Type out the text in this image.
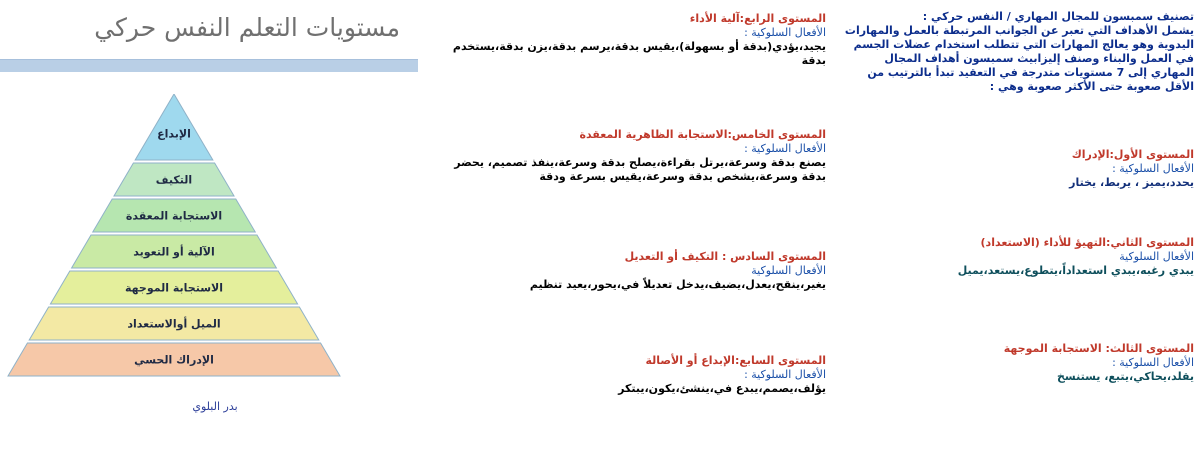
مستويات التعلم النفس حركي
الإبداع
التكيف
الاستجابة المعقدة
الآلية أو التعويد
الاستجابة الموجهة
الميل أوالاستعداد
الإدراك الحسي
بدر البلوي
تصنيف سمبسون للمجال المهاري / النفس حركي :
يشمل الأهداف التي تعبر عن الجوانب المرتبطة بالعمل والمهارات اليدوية وهو يعالج المهارات التي تتطلب استخدام عضلات الجسم في العمل والبناء وصنف إليزابيث سمبسون أهداف المجال المهاري إلى 7 مستويات متدرجة في التعقيد تبدأ بالترتيب من الأقل صعوبة حتى الأكثر صعوبة وهي :
المستوى الأول:الإدراك
الأفعال السلوكية :
يحدد،يميز ، يربط، يختار
المستوى الثاني:التهيؤ للأداء (الاستعداد)
الأفعال السلوكية
يبدي رغبه،يبدي استعداداً،يتطوع،يستعد،يميل
المستوى الثالث: الاستجابة الموجهة
الأفعال السلوكية :
يقلد،يحاكي،يتبع، يستنسخ
المستوى الرابع:آلية الأداء
الأفعال السلوكية :
يجيد،يؤدي(بدقة أو بسهولة)،يقيس بدقة،يرسم بدقة،يزن بدقة،يستخدم بدقة
المستوى الخامس:الاستجابة الظاهرية المعقدة
الأفعال السلوكية :
يصنع بدقة وسرعة،يرتل بقراءة،يصلح بدقة وسرعة،ينفذ تصميم، يحضر بدقة وسرعة،يشخص بدقة وسرعة،يقيس بسرعة ودقة
المستوى السادس : التكيف أو التعديل
الأفعال السلوكية
يغير،ينقح،يعدل،يضيف،يدخل تعديلاً في،يحور،يعيد تنظيم
المستوى السابع:الإبداع أو الأصالة
الأفعال السلوكية :
يؤلف،يصمم،يبدع في،ينشئ،يكون،يبتكر
